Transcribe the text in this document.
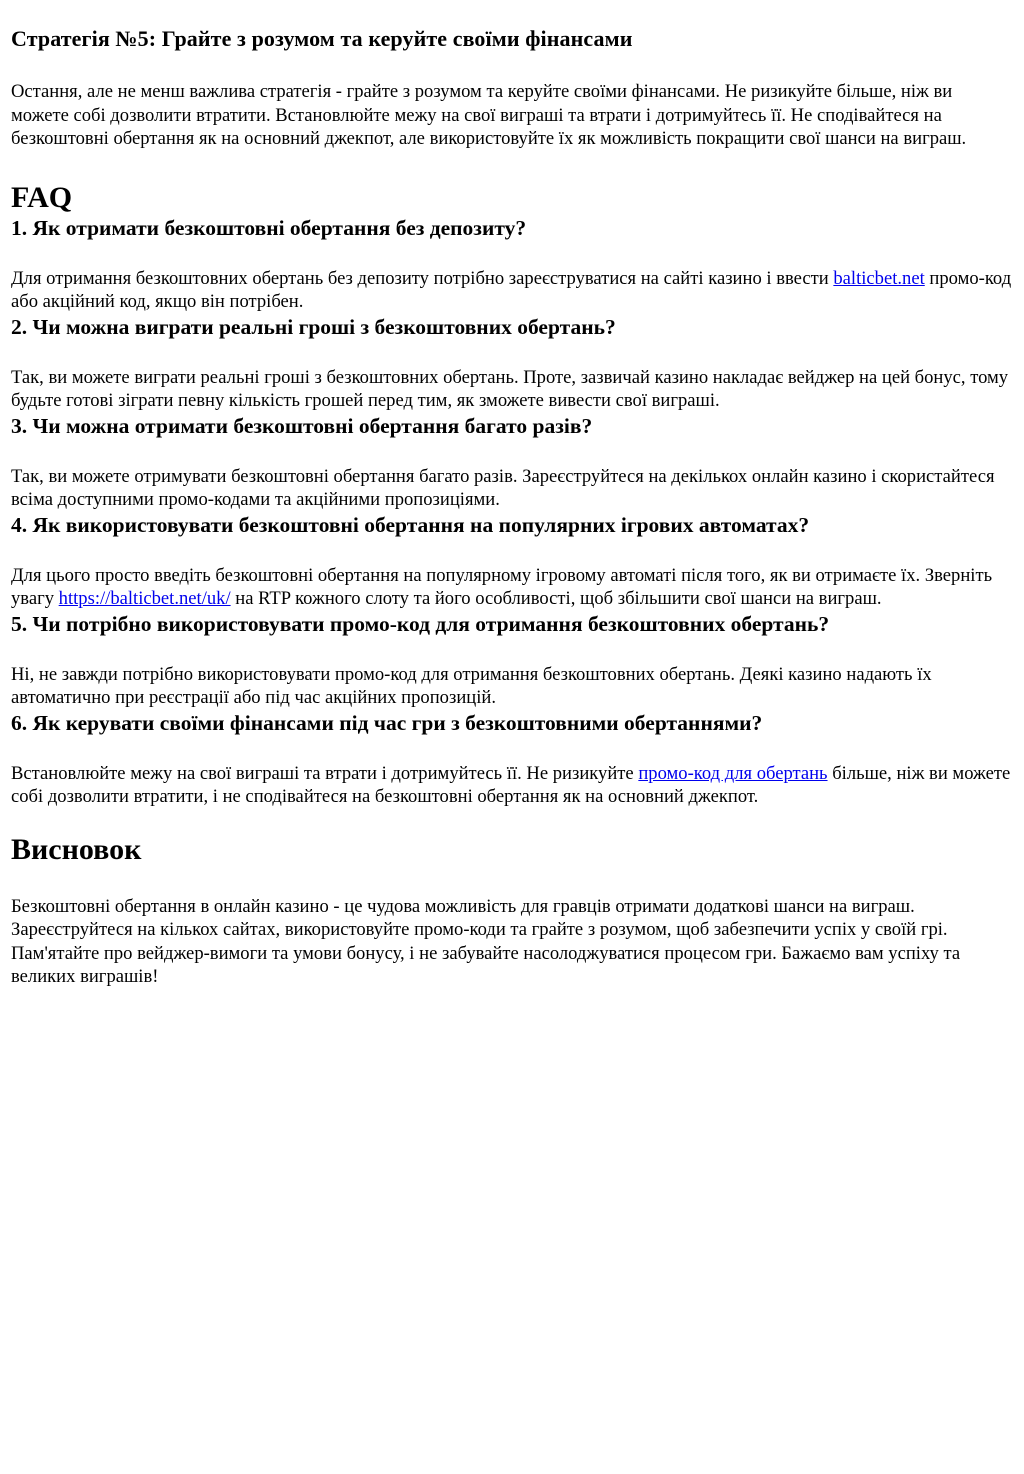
Стратегія №5: Грайте з розумом та керуйте своїми фінансами

Остання, але не менш важлива стратегія - грайте з розумом та керуйте своїми фінансами. Не ризикуйте більше, ніж ви можете собі дозволити втратити. Встановлюйте межу на свої виграші та втрати і дотримуйтесь її. Не сподівайтеся на безкоштовні обертання як на основний джекпот, але використовуйте їх як можливість покращити свої шанси на виграш.

FAQ
1. Як отримати безкоштовні обертання без депозиту?

Для отримання безкоштовних обертань без депозиту потрібно зареєструватися на сайті казино і ввести balticbet.net промо-код або акційний код, якщо він потрібен.

2. Чи можна виграти реальні гроші з безкоштовних обертань?

Так, ви можете виграти реальні гроші з безкоштовних обертань. Проте, зазвичай казино накладає вейджер на цей бонус, тому будьте готові зіграти певну кількість грошей перед тим, як зможете вивести свої виграші.

3. Чи можна отримати безкоштовні обертання багато разів?

Так, ви можете отримувати безкоштовні обертання багато разів. Зареєструйтеся на декількох онлайн казино і скористайтеся всіма доступними промо-кодами та акційними пропозиціями.

4. Як використовувати безкоштовні обертання на популярних ігрових автоматах?

Для цього просто введіть безкоштовні обертання на популярному ігровому автоматі після того, як ви отримаєте їх. Зверніть увагу https://balticbet.net/uk/ на RTP кожного слоту та його особливості, щоб збільшити свої шанси на виграш.

5. Чи потрібно використовувати промо-код для отримання безкоштовних обертань?

Ні, не завжди потрібно використовувати промо-код для отримання безкоштовних обертань. Деякі казино надають їх автоматично при реєстрації або під час акційних пропозицій.

6. Як керувати своїми фінансами під час гри з безкоштовними обертаннями?

Встановлюйте межу на свої виграші та втрати і дотримуйтесь її. Не ризикуйте промо-код для обертань більше, ніж ви можете собі дозволити втратити, і не сподівайтеся на безкоштовні обертання як на основний джекпот.

Висновок

Безкоштовні обертання в онлайн казино - це чудова можливість для гравців отримати додаткові шанси на виграш. Зареєструйтеся на кількох сайтах, використовуйте промо-коди та грайте з розумом, щоб забезпечити успіх у своїй грі. Пам'ятайте про вейджер-вимоги та умови бонусу, і не забувайте насолоджуватися процесом гри. Бажаємо вам успіху та великих виграшів!
